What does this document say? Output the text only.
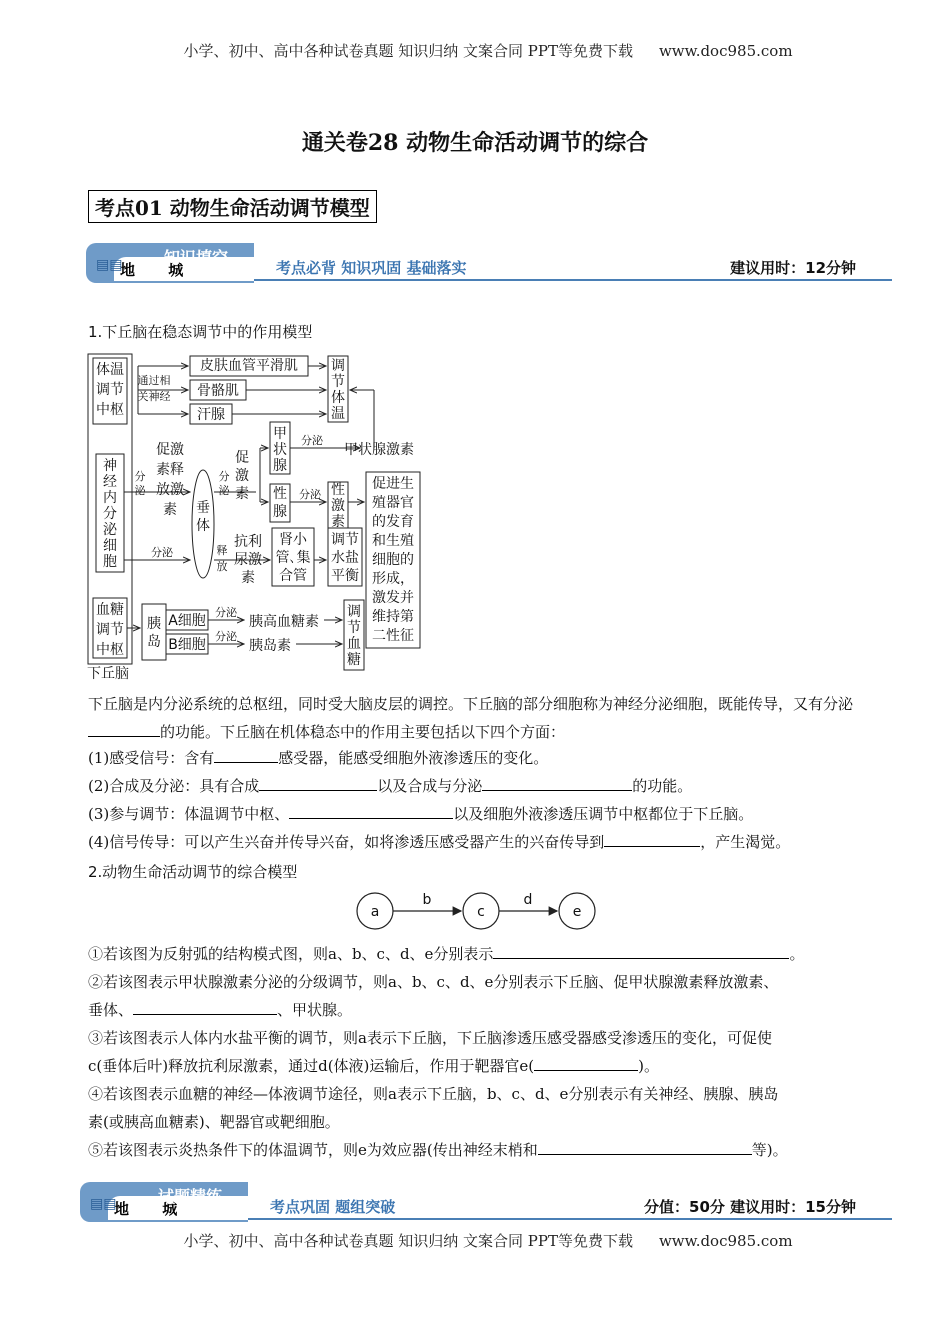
小学、初中、高中各种试卷真题 知识归纳 文案合同 PPT等免费下载 www.doc985.com
通关卷28 动物生命活动调节的综合
考点01 动物生命活动调节模型
地 城
▤▤	知识填空
考点必背 知识巩固 基础落实	建议用时：12分钟
1.下丘脑在稳态调节中的作用模型
体温
调节
中枢
神
经
内
分
泌
细
胞
血糖
调节
中枢
下丘脑
皮肤血管平滑肌
骨骼肌
汗腺
调
节
体
温
促激
素释
放激
素 垂
体
促
激
素
甲
状
腺
甲状腺激素
性
腺
性
激
素
促进生
殖器官
的发育
和生殖
细胞的
形成，
激发并
维持第
二性征
抗利
尿激
素
肾小
管､集
合管
调节
水盐
平衡
胰
岛
A细胞
B细胞
胰高血糖素
胰岛素
调
节
血
糖
通过相
关神经
分
泌
分
泌
分泌
分泌
分泌	释
放
分泌
分泌
下丘脑是内分泌系统的总枢纽，同时受大脑皮层的调控。下丘脑的部分细胞称为神经分泌细胞，既能传导，又有分泌的功能。下丘脑在机体稳态中的作用主要包括以下四个方面：
(1)感受信号：含有	感受器，能感受细胞外液渗透压的变化。
(2)合成及分泌：具有合成	以及合成与分泌	的功能。
(3)参与调节：体温调节中枢、	以及细胞外液渗透压调节中枢都位于下丘脑。
(4)信号传导：可以产生兴奋并传导兴奋，如将渗透压感受器产生的兴奋传导到	，产生渴觉。
2.动物生命活动调节的综合模型
a	c	e
b	d
①若该图为反射弧的结构模式图，则a、b、c、d、e分别表示	。
②若该图表示甲状腺激素分泌的分级调节，则a、b、c、d、e分别表示下丘脑、促甲状腺激素释放激素、
垂体、	、甲状腺。
③若该图表示人体内水盐平衡的调节，则a表示下丘脑，下丘脑渗透压感受器感受渗透压的变化，可促使
c(垂体后叶)释放抗利尿激素，通过d(体液)运输后，作用于靶器官e(	)。
④若该图表示血糖的神经—体液调节途径，则a表示下丘脑，b、c、d、e分别表示有关神经、胰腺、胰岛
素(或胰高血糖素)、靶器官或靶细胞。
⑤若该图表示炎热条件下的体温调节，则e为效应器(传出神经末梢和	等)。
地 城
▤▤	试题精练
考点巩固 题组突破	分值：50分 建议用时：15分钟
小学、初中、高中各种试卷真题 知识归纳 文案合同 PPT等免费下载 www.doc985.com
